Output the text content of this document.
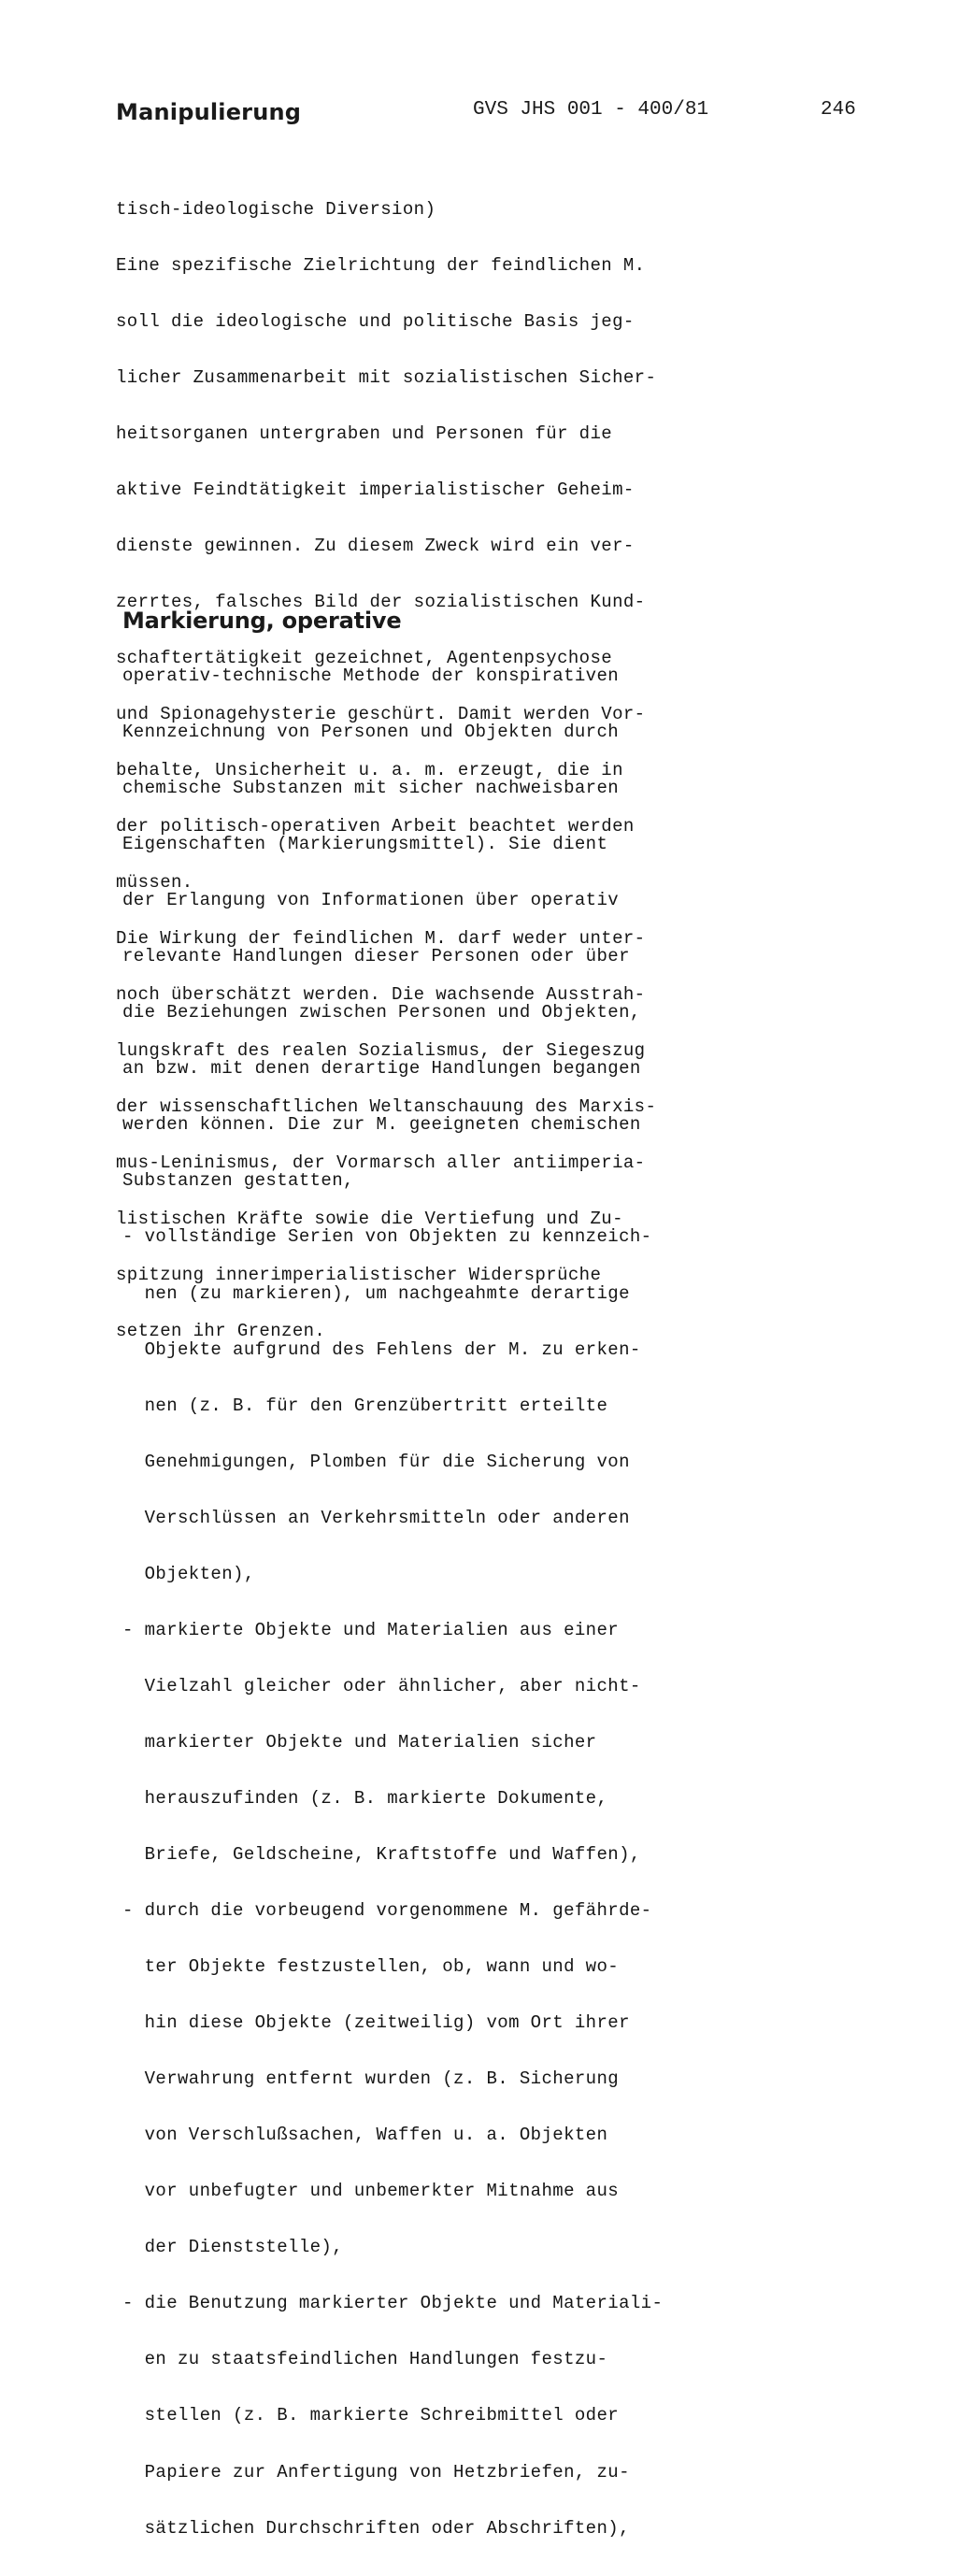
Manipulierung	GVS JHS 001 - 400/81	246

tisch-ideologische Diversion)

Eine spezifische Zielrichtung der feindlichen M.

soll die ideologische und politische Basis jeg-

licher Zusammenarbeit mit sozialistischen Sicher-

heitsorganen untergraben und Personen für die

aktive Feindtätigkeit imperialistischer Geheim-

dienste gewinnen. Zu diesem Zweck wird ein ver-

zerrtes, falsches Bild der sozialistischen Kund-

schaftertätigkeit gezeichnet, Agentenpsychose

und Spionagehysterie geschürt. Damit werden Vor-

behalte, Unsicherheit u. a. m. erzeugt, die in

der politisch-operativen Arbeit beachtet werden

müssen.

Die Wirkung der feindlichen M. darf weder unter-

noch überschätzt werden. Die wachsende Ausstrah-

lungskraft des realen Sozialismus, der Siegeszug

der wissenschaftlichen Weltanschauung des Marxis-

mus-Leninismus, der Vormarsch aller antiimperia-

listischen Kräfte sowie die Vertiefung und Zu-

spitzung innerimperialistischer Widersprüche

setzen ihr Grenzen.

Markierung, operative

operativ-technische Methode der konspirativen

Kennzeichnung von Personen und Objekten durch

chemische Substanzen mit sicher nachweisbaren

Eigenschaften (Markierungsmittel). Sie dient

der Erlangung von Informationen über operativ

relevante Handlungen dieser Personen oder über

die Beziehungen zwischen Personen und Objekten,

an bzw. mit denen derartige Handlungen begangen

werden können. Die zur M. geeigneten chemischen

Substanzen gestatten,

- vollständige Serien von Objekten zu kennzeich-

nen (zu markieren), um nachgeahmte derartige

Objekte aufgrund des Fehlens der M. zu erken-

nen (z. B. für den Grenzübertritt erteilte

Genehmigungen, Plomben für die Sicherung von

Verschlüssen an Verkehrsmitteln oder anderen

Objekten),

- markierte Objekte und Materialien aus einer

Vielzahl gleicher oder ähnlicher, aber nicht-

markierter Objekte und Materialien sicher

herauszufinden (z. B. markierte Dokumente,

Briefe, Geldscheine, Kraftstoffe und Waffen),

- durch die vorbeugend vorgenommene M. gefährde-

ter Objekte festzustellen, ob, wann und wo-

hin diese Objekte (zeitweilig) vom Ort ihrer

Verwahrung entfernt wurden (z. B. Sicherung

von Verschlußsachen, Waffen u. a. Objekten

vor unbefugter und unbemerkter Mitnahme aus

der Dienststelle),

- die Benutzung markierter Objekte und Materiali-

en zu staatsfeindlichen Handlungen festzu-

stellen (z. B. markierte Schreibmittel oder

Papiere zur Anfertigung von Hetzbriefen, zu-

sätzlichen Durchschriften oder Abschriften),
